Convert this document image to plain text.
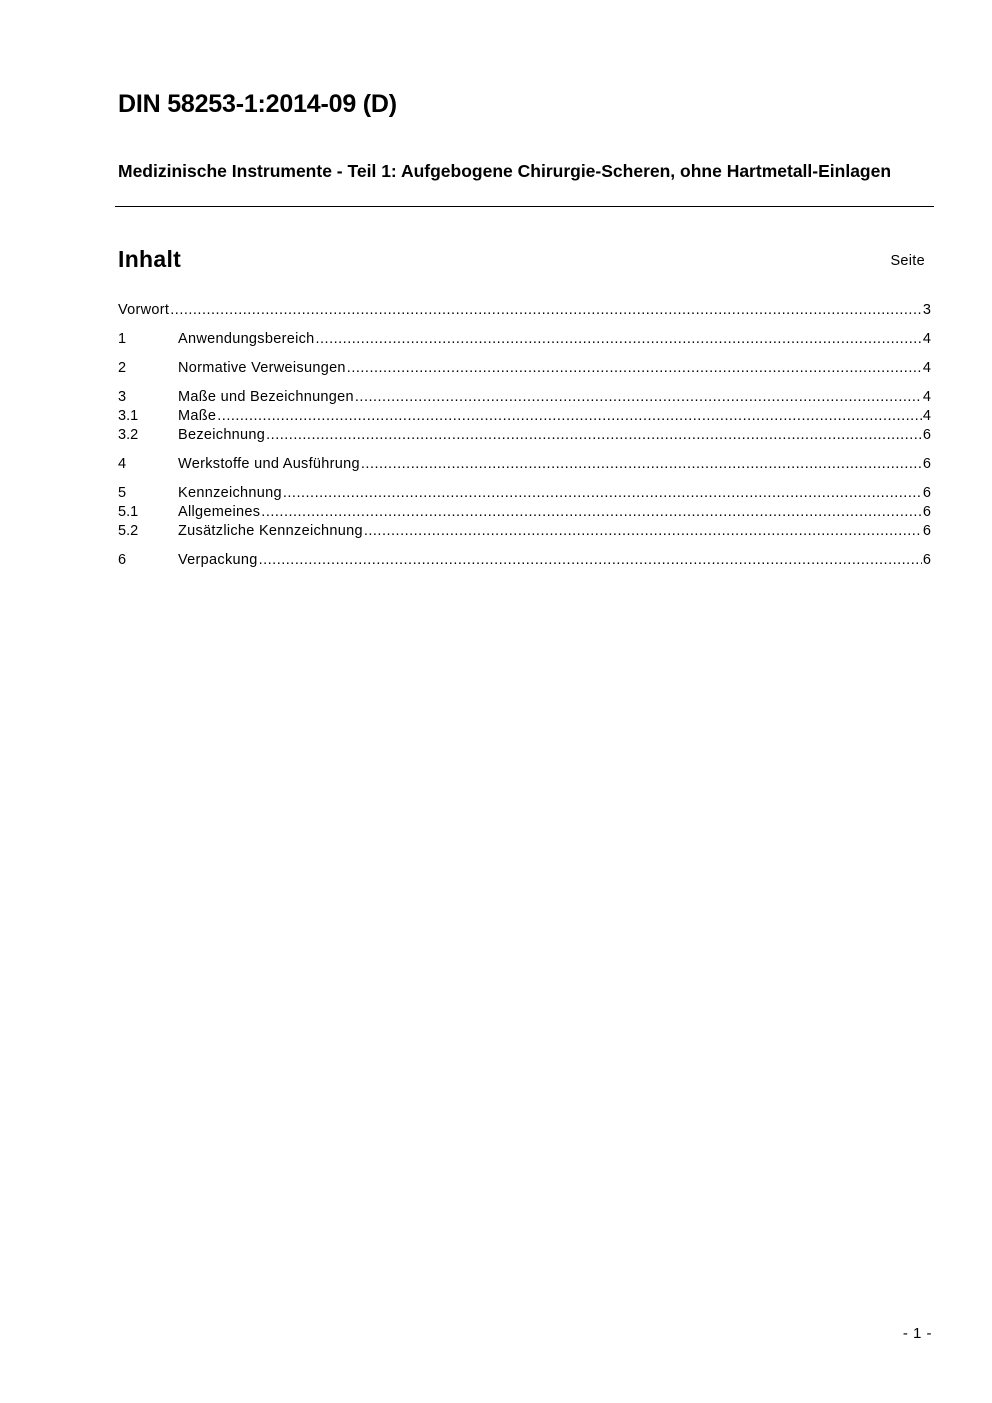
DIN 58253-1:2014-09 (D)
Medizinische Instrumente - Teil 1: Aufgebogene Chirurgie-Scheren, ohne Hartmetall-Einlagen
Inhalt	Seite
Vorwort .....	3
1	Anwendungsbereich .....	4
2	Normative Verweisungen .....	4
3	Maße und Bezeichnungen .....	4
3.1	Maße .....	4
3.2	Bezeichnung .....	6
4	Werkstoffe und Ausführung .....	6
5	Kennzeichnung .....	6
5.1	Allgemeines .....	6
5.2	Zusätzliche Kennzeichnung .....	6
6	Verpackung .....	6
- 1 -
